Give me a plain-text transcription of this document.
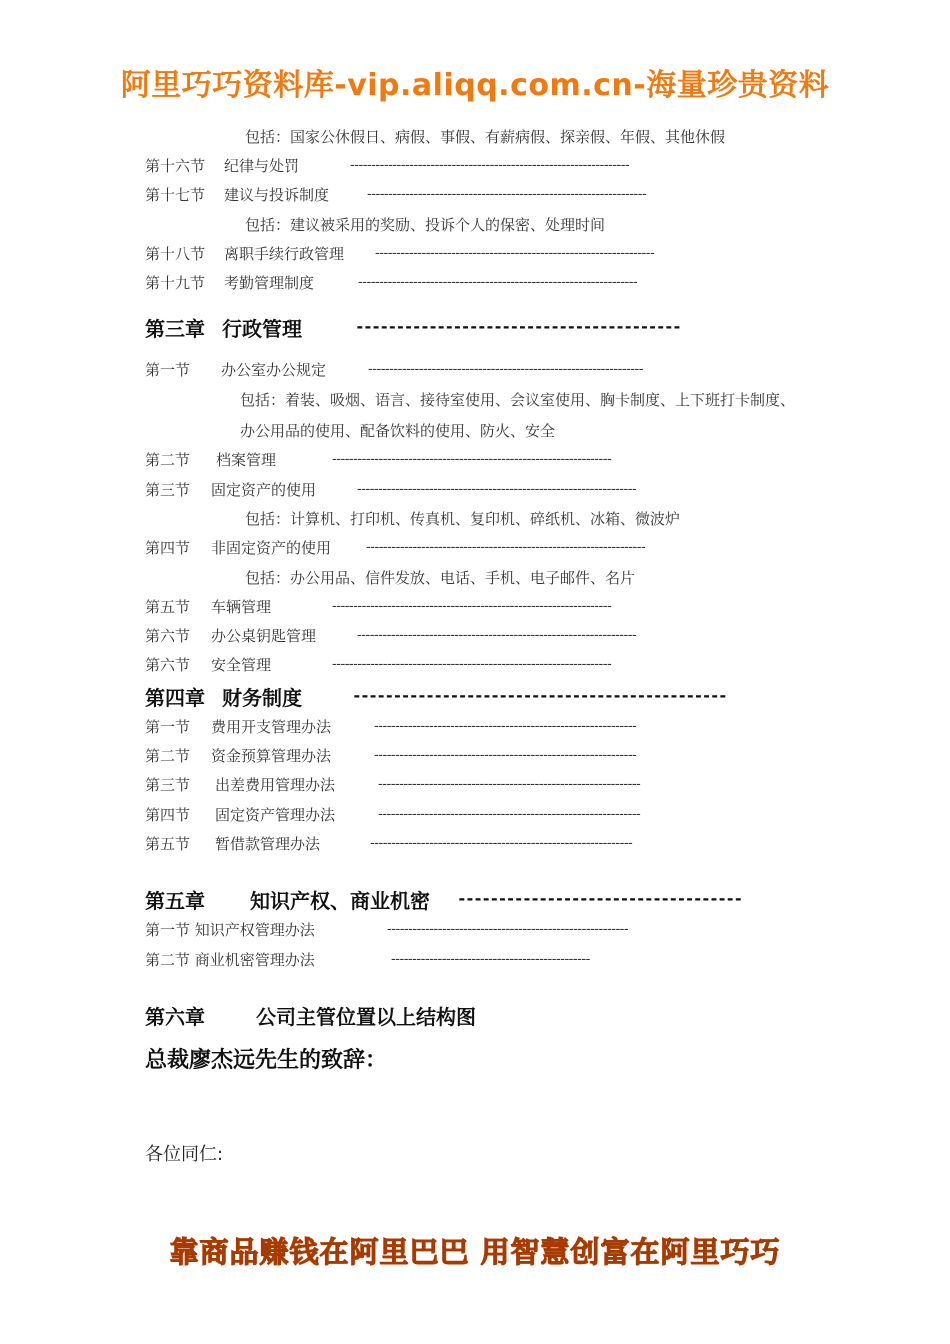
阿里巧巧资料库-vip.aliqq.com.cn-海量珍贵资料
包括：国家公休假日、病假、事假、有薪病假、探亲假、年假、其他休假
第十六节 纪律与处罚	------------------------------------------------------------------
第十七节 建议与投诉制度	------------------------------------------------------------------
包括：建议被采用的奖励、投诉个人的保密、处理时间
第十八节 离职手续行政管理 ------------------------------------------------------------------
第十九节 考勤管理制度	------------------------------------------------------------------
第三章 行政管理	----------------------------------------
第一节 办公室办公规定	-----------------------------------------------------------------
包括：着装、吸烟、语言、接待室使用、会议室使用、胸卡制度、上下班打卡制度、
办公用品的使用、配备饮料的使用、防火、安全
第二节 档案管理	------------------------------------------------------------------
第三节 固定资产的使用	------------------------------------------------------------------
包括：计算机、打印机、传真机、复印机、碎纸机、冰箱、微波炉
第四节 非固定资产的使用 ------------------------------------------------------------------
包括：办公用品、信件发放、电话、手机、电子邮件、名片
第五节 车辆管理	------------------------------------------------------------------
第六节 办公桌钥匙管理	------------------------------------------------------------------
第六节 安全管理	------------------------------------------------------------------
第四章 财务制度	----------------------------------------------
第一节 费用开支管理办法	--------------------------------------------------------------
第二节 资金预算管理办法	--------------------------------------------------------------
第三节 出差费用管理办法	--------------------------------------------------------------
第四节 固定资产管理办法	--------------------------------------------------------------
第五节 暂借款管理办法	--------------------------------------------------------------
第五章 知识产权、商业机密 -----------------------------------
第一节 知识产权管理办法	---------------------------------------------------------
第二节 商业机密管理办法	-----------------------------------------------
第六章	公司主管位置以上结构图
总裁廖杰远先生的致辞：
各位同仁:
靠商品赚钱在阿里巴巴 用智慧创富在阿里巧巧
